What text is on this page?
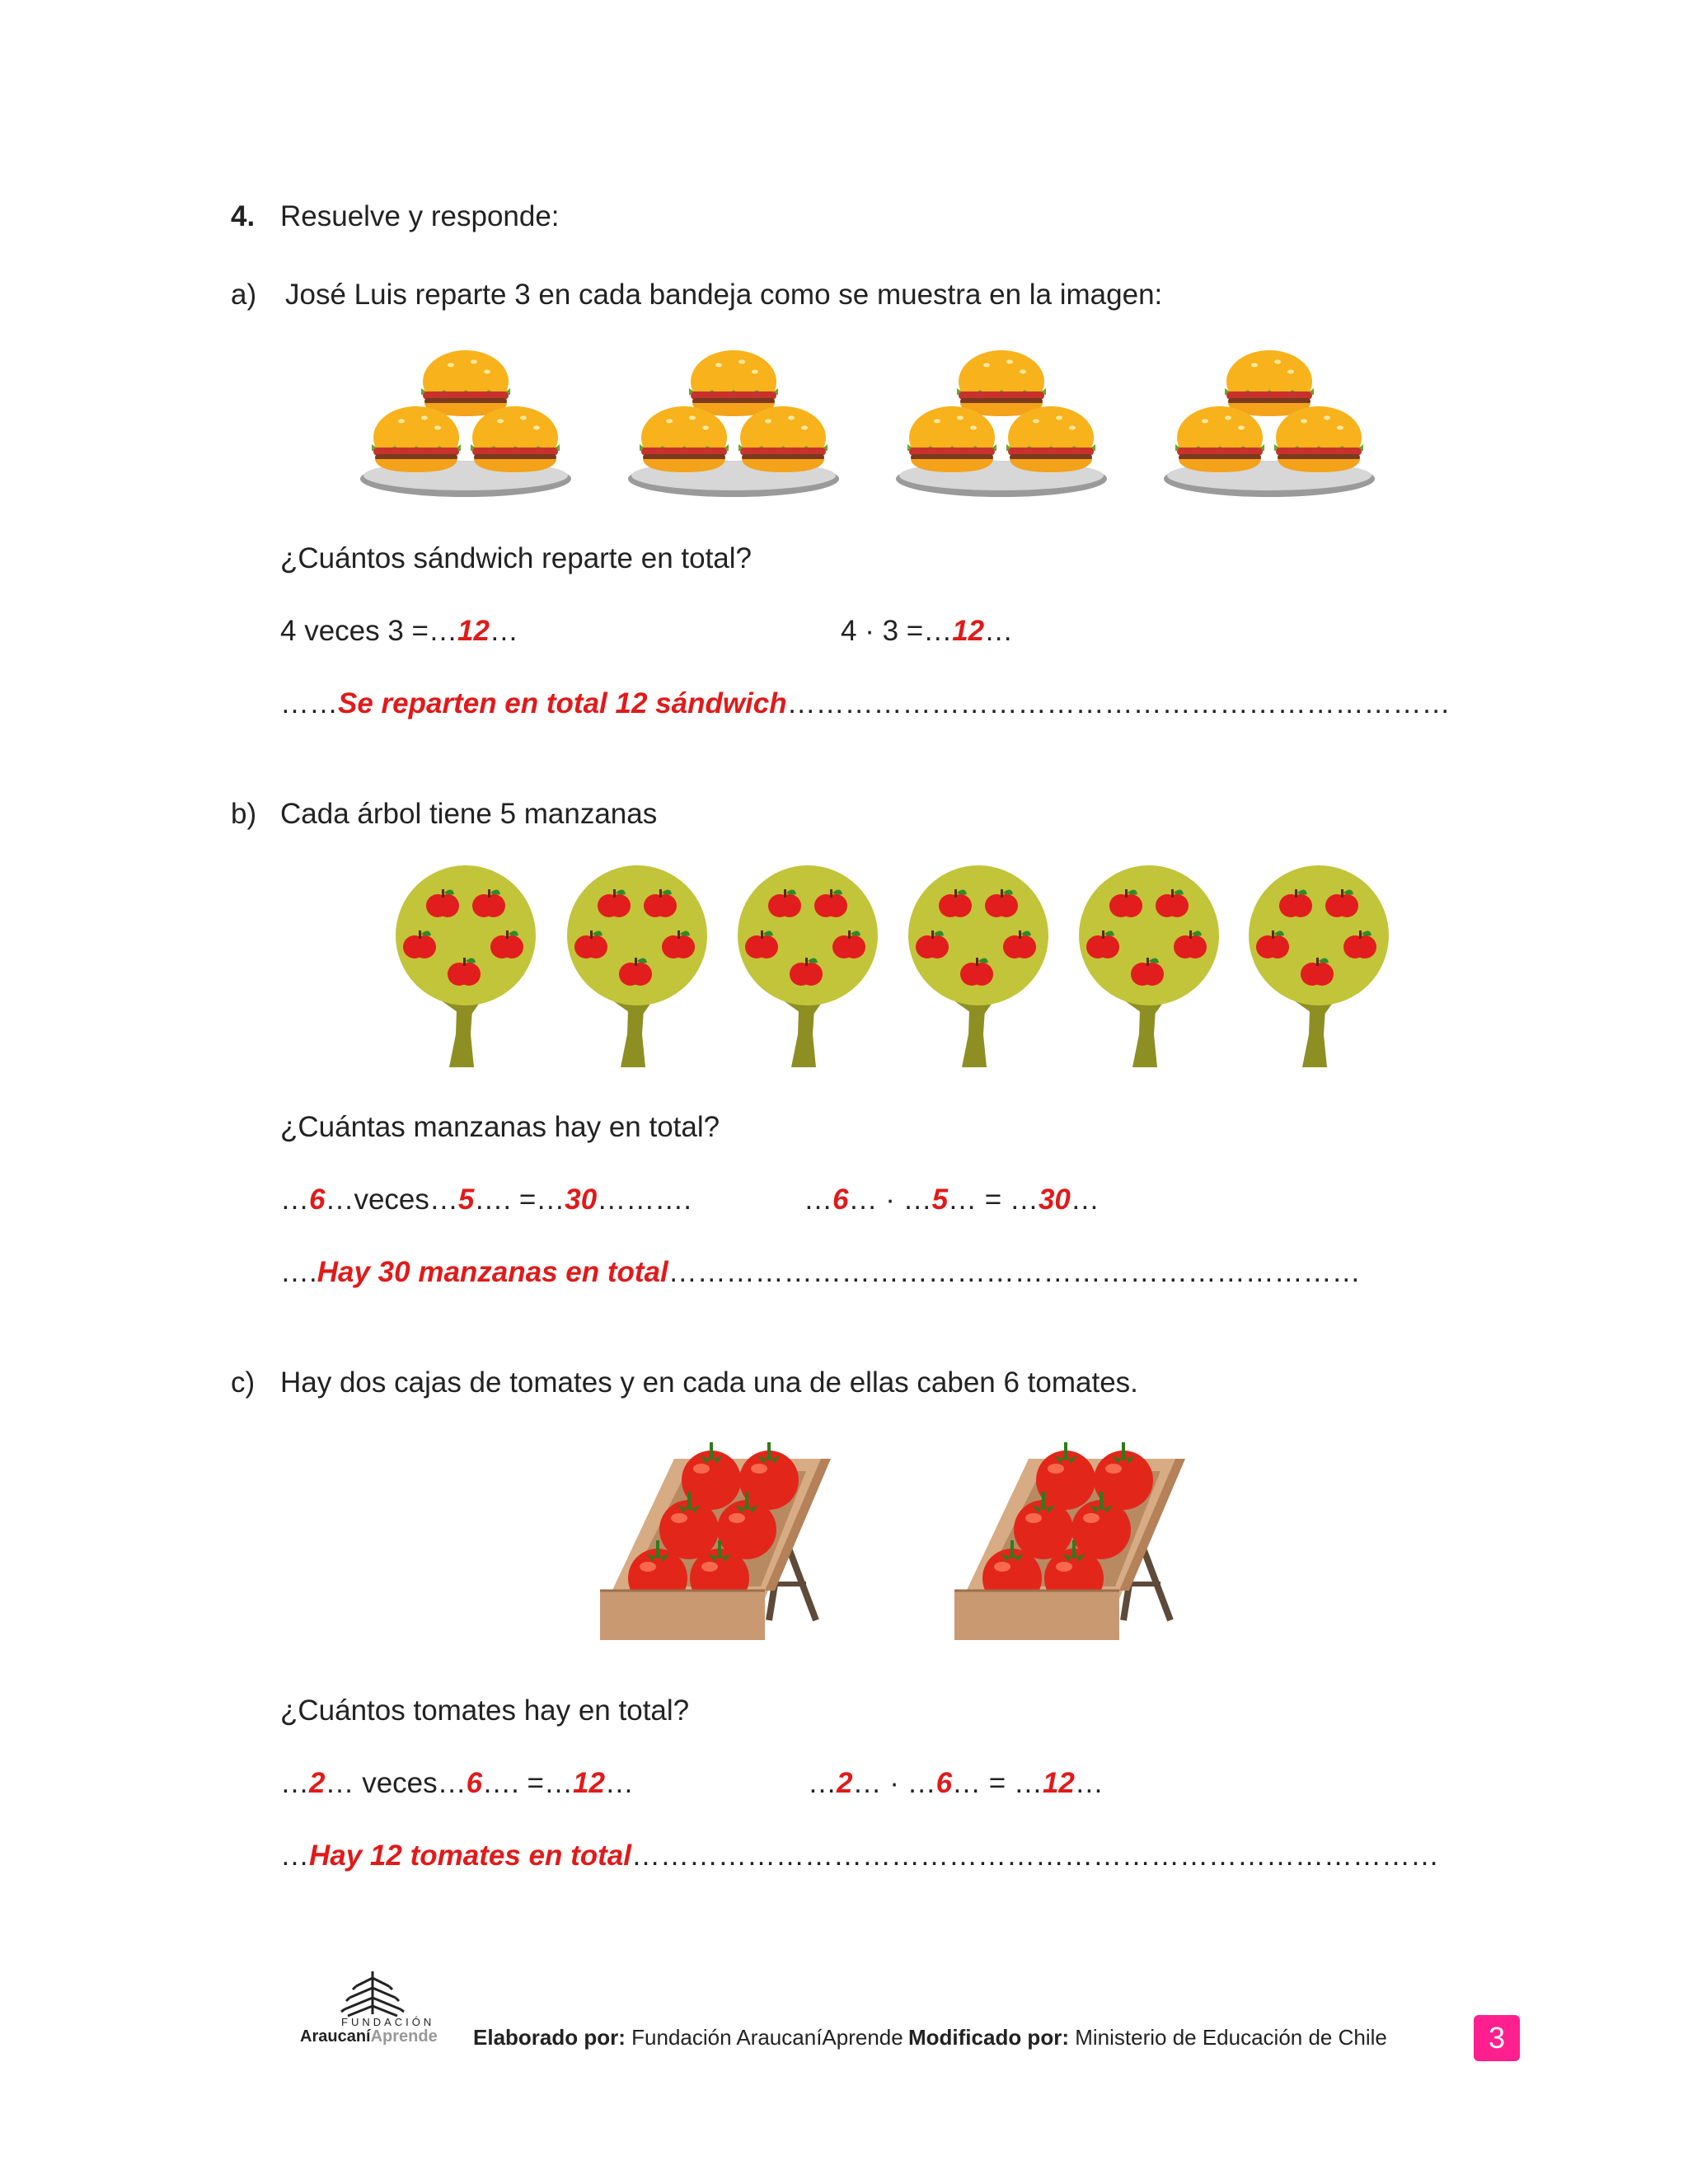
4. Resuelve y responde:
a) José Luis reparte 3 en cada bandeja como se muestra en la imagen:
¿Cuántos sándwich reparte en total?
4 veces 3 =…12…	4 · 3 =…12…
……Se reparten en total 12 sándwich……………………………………………………………
b) Cada árbol tiene 5 manzanas
¿Cuántas manzanas hay en total?
…6…veces…5…. =…30……….	…6… · …5… = …30…
….Hay 30 manzanas en total………………………………………………………………
c) Hay dos cajas de tomates y en cada una de ellas caben 6 tomates.
¿Cuántos tomates hay en total?
…2… veces…6…. =…12…	…2… · …6… = …12…
…Hay 12 tomates en total…………………………………………………………………………
FUNDACIÓN
AraucaníAprende Elaborado por: Fundación AraucaníAprende Modificado por: Ministerio de Educación de Chile	3
